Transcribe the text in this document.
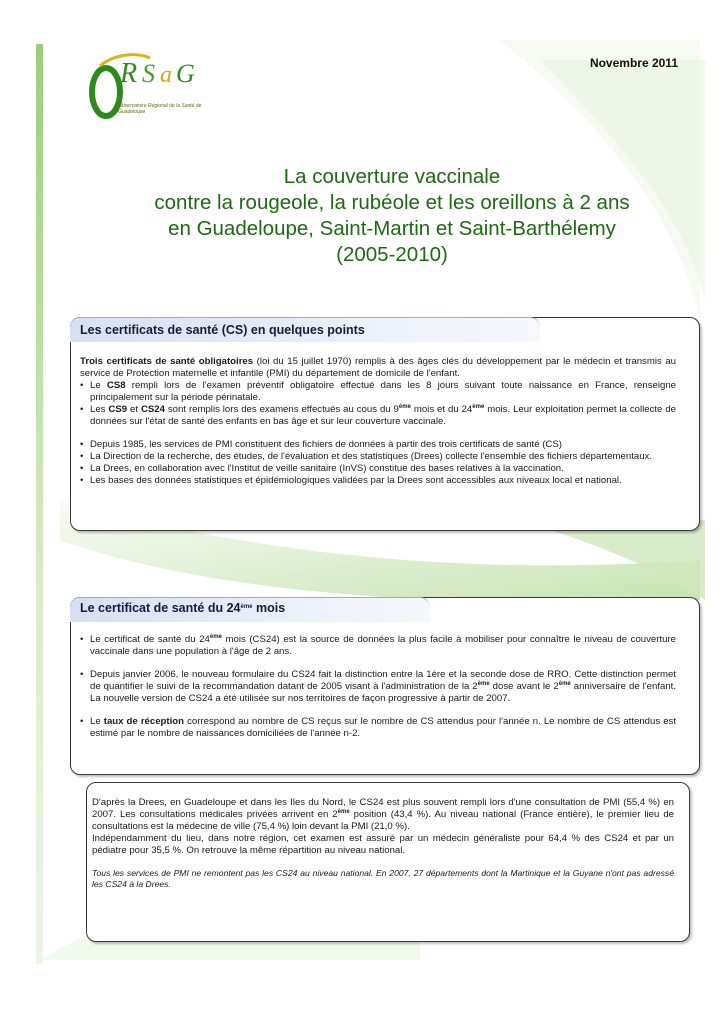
R S a G
Observatoire Régional de la Santé de Guadeloupe
Novembre 2011
La couverture vaccinale
contre la rougeole, la rubéole et les oreillons à 2 ans
en Guadeloupe, Saint-Martin et Saint-Barthélemy
(2005-2010)
Les certificats de santé (CS) en quelques points

Trois certificats de santé obligatoires (loi du 15 juillet 1970) remplis à des âges clés du développement par le médecin et transmis au service de Protection maternelle et infantile (PMI) du département de domicile de l'enfant.

• Le CS8 rempli lors de l'examen préventif obligatoire effectué dans les 8 jours suivant toute naissance en France, renseigne principalement sur la période périnatale.
• Les CS9 et CS24 sont remplis lors des examens effectués au cous du 9ème mois et du 24ème mois. Leur exploitation permet la collecte de données sur l'état de santé des enfants en bas âge et sur leur couverture vaccinale.
• Depuis 1985, les services de PMI constituent des fichiers de données à partir des trois certificats de santé (CS)
• La Direction de la recherche, des études, de l'évaluation et des statistiques (Drees) collecte l'ensemble des fichiers départementaux.
• La Drees, en collaboration avec l'Institut de veille sanitaire (InVS) constitue des bases relatives à la vaccination.
• Les bases des données statistiques et épidémiologiques validées par la Drees sont accessibles aux niveaux local et national.
Le certificat de santé du 24ème mois
• Le certificat de santé du 24ème mois (CS24) est la source de données la plus facile à mobiliser pour connaître le niveau de couverture vaccinale dans une population à l'âge de 2 ans.
• Depuis janvier 2006, le nouveau formulaire du CS24 fait la distinction entre la 1ère et la seconde dose de RRO. Cette distinction permet de quantifier le suivi de la recommandation datant de 2005 visant à l'administration de la 2ème dose avant le 2ème anniversaire de l'enfant. La nouvelle version de CS24 a été utilisée sur nos territoires de façon progressive à partir de 2007.
• Le taux de réception correspond au nombre de CS reçus sur le nombre de CS attendus pour l'année n. Le nombre de CS attendus est estimé par le nombre de naissances domiciliées de l'année n-2.

D'après la Drees, en Guadeloupe et dans les Iles du Nord, le CS24 est plus souvent rempli lors d'une consultation de PMI (55,4 %) en 2007. Les consultations médicales privées arrivent en 2ème position (43,4 %). Au niveau national (France entière), le premier lieu de consultations est la médecine de ville (75,4 %) loin devant la PMI (21,0 %).

Indépendamment du lieu, dans notre région, cet examen est assuré par un médecin généraliste pour 64,4 % des CS24 et par un pédiatre pour 35,5 %. On retrouve la même répartition au niveau national.

Tous les services de PMI ne remontent pas les CS24 au niveau national. En 2007, 27 départements dont la Martinique et la Guyane n'ont pas adressé les CS24 à la Drees.
